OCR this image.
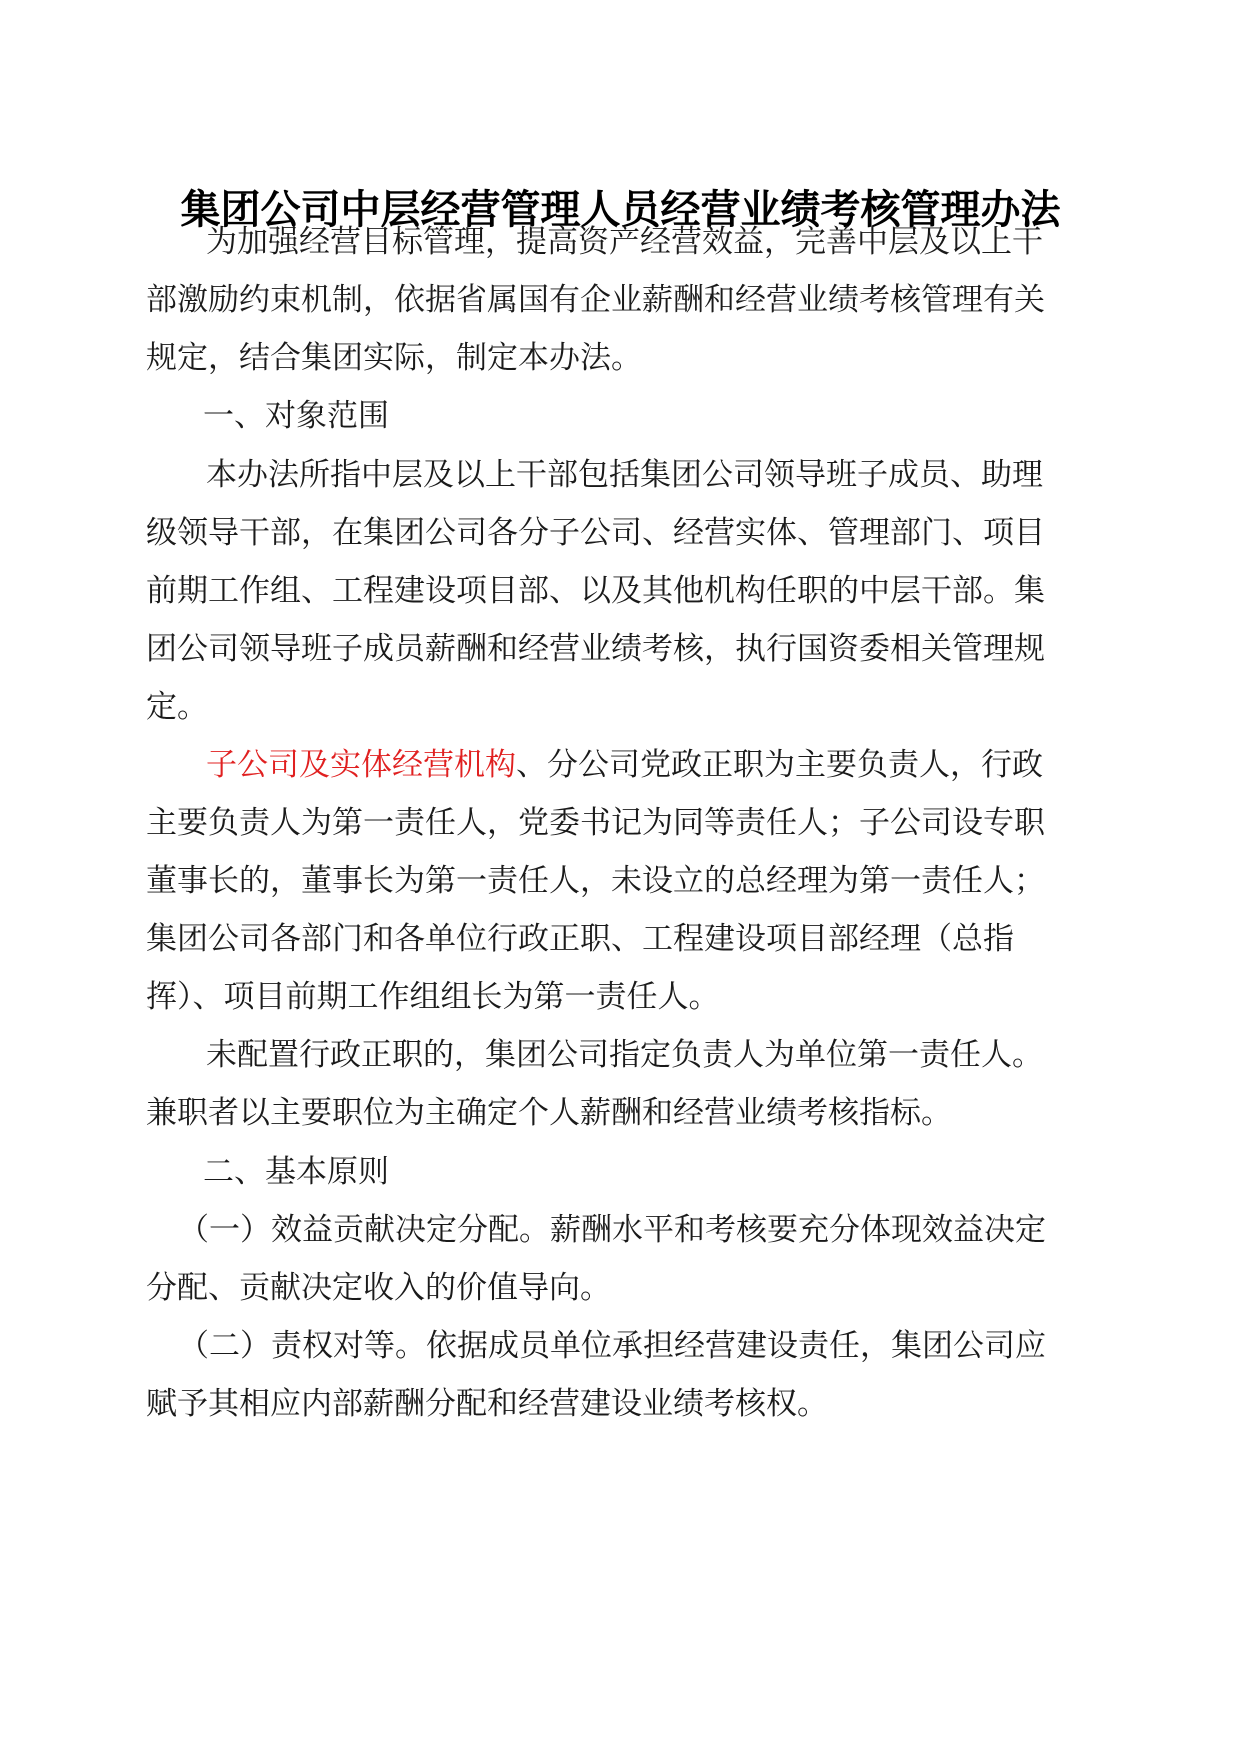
集团公司中层经营管理人员经营业绩考核管理办法
为加强经营目标管理，提高资产经营效益，完善中层及以上干
部激励约束机制，依据省属国有企业薪酬和经营业绩考核管理有关
规定，结合集团实际，制定本办法。
一、对象范围
本办法所指中层及以上干部包括集团公司领导班子成员、助理
级领导干部，在集团公司各分子公司、经营实体、管理部门、项目
前期工作组、工程建设项目部、以及其他机构任职的中层干部。集
团公司领导班子成员薪酬和经营业绩考核，执行国资委相关管理规
定。
子公司及实体经营机构、分公司党政正职为主要负责人，行政
主要负责人为第一责任人，党委书记为同等责任人；子公司设专职
董事长的，董事长为第一责任人，未设立的总经理为第一责任人；
集团公司各部门和各单位行政正职、工程建设项目部经理（总指
挥）、项目前期工作组组长为第一责任人。
未配置行政正职的，集团公司指定负责人为单位第一责任人。
兼职者以主要职位为主确定个人薪酬和经营业绩考核指标。
二、基本原则
（一）效益贡献决定分配。薪酬水平和考核要充分体现效益决定
分配、贡献决定收入的价值导向。
（二）责权对等。依据成员单位承担经营建设责任，集团公司应
赋予其相应内部薪酬分配和经营建设业绩考核权。
